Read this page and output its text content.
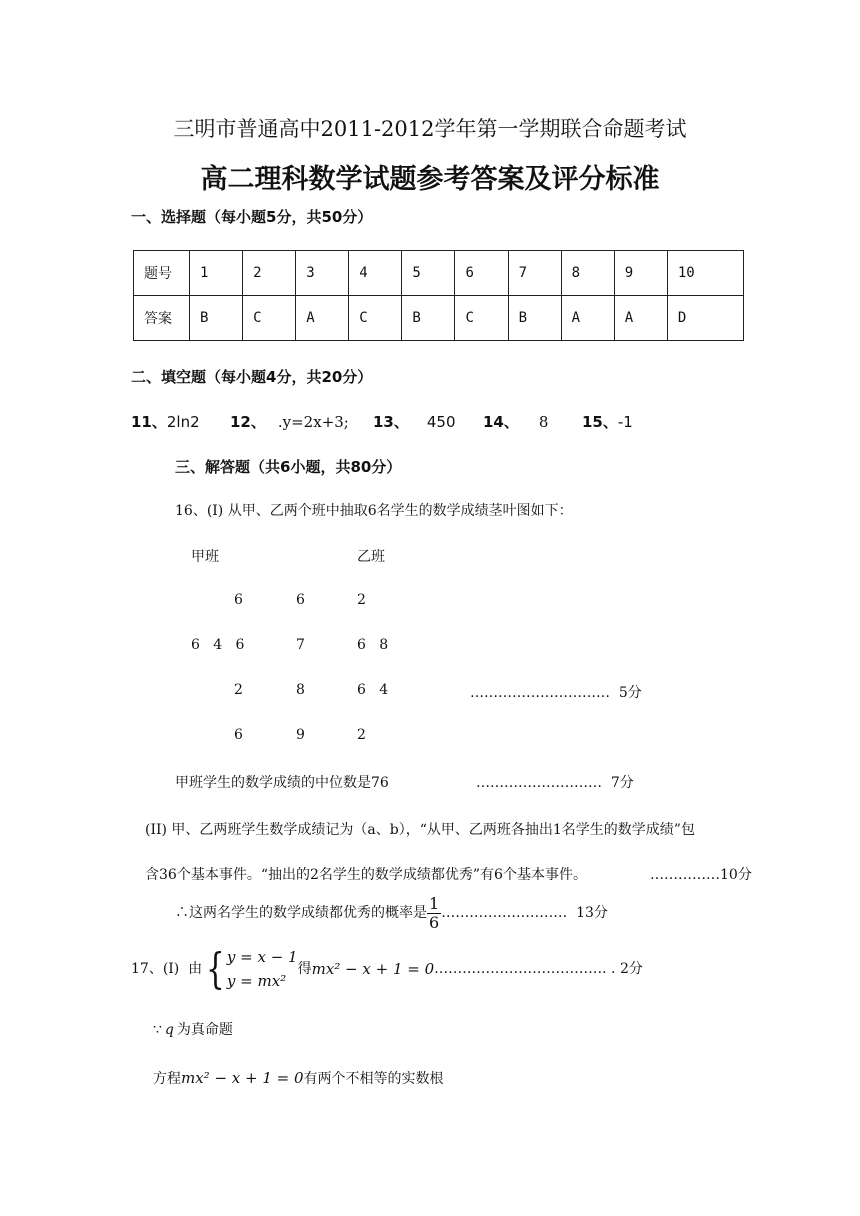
三明市普通高中2011-2012学年第一学期联合命题考试
高二理科数学试题参考答案及评分标准
一、选择题（每小题5分，共50分）
题号	1	2	3	4	5	6	7	8	9	10
答案	B	C	A	C	B	C	B	A	A	D
二、填空题（每小题4分，共20分）
11、2ln2 12、 .y=2x+3; 13、 450 14、 8 15、-1
三、解答题（共6小题，共80分）
16、(I) 从甲、乙两个班中抽取6名学生的数学成绩茎叶图如下：
甲班	乙班
6	6	2
6   4   6	7	6   8
2	8	6   4	…………………………  5分
6	9	2
甲班学生的数学成绩的中位数是76	………………………  7分
(II) 甲、乙两班学生数学成绩记为（a、b），“从甲、乙两班各抽出1名学生的数学成绩”包
含36个基本事件。“抽出的2名学生的数学成绩都优秀”有6个基本事件。	……………10分
∴这两名学生的数学成绩都优秀的概率是 $\frac{1}{6}$ ………………………  13分
17、(I)  由{ y = x − 1
y = mx²
得mx² − x + 1 = 0………………………………. . 2分
∵ q 为真命题
方程mx² − x + 1 = 0有两个不相等的实数根
